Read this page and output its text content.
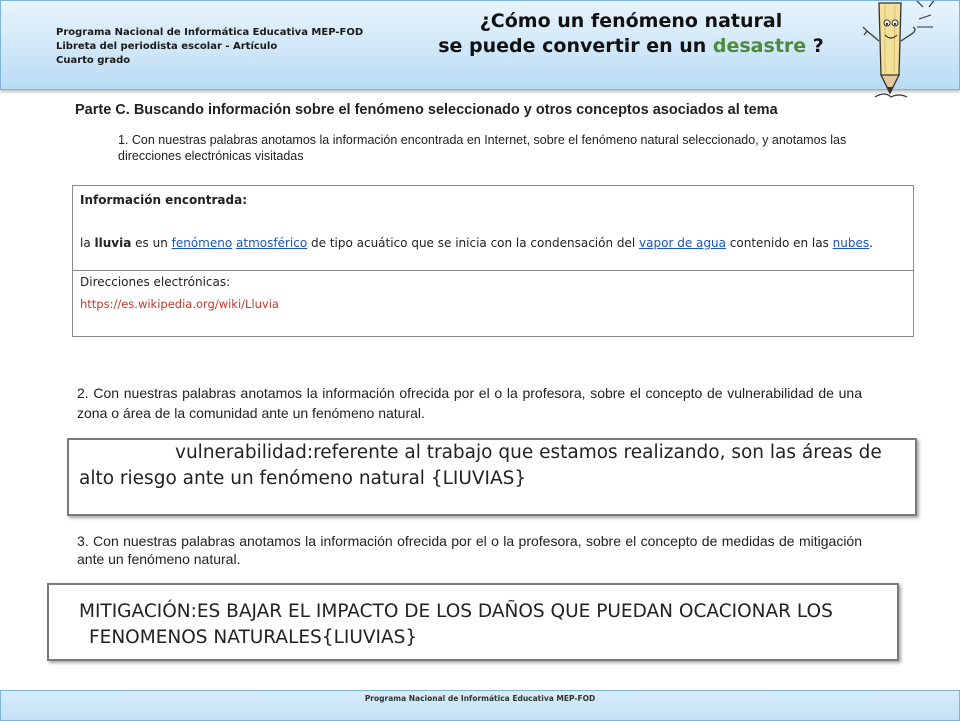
Programa Nacional de Informática Educativa MEP-FOD
Libreta del periodista escolar - Artículo
Cuarto grado
¿Cómo un fenómeno natural
se puede convertir en un desastre ?
Parte C. Buscando información sobre el fenómeno seleccionado y otros conceptos asociados al tema
1. Con nuestras palabras anotamos la información encontrada en Internet, sobre el fenómeno natural seleccionado, y anotamos las direcciones electrónicas visitadas
Información encontrada:
la lluvia es un fenómeno atmosférico de tipo acuático que se inicia con la condensación del vapor de agua contenido en las nubes.
Direcciones electrónicas:
https://es.wikipedia.org/wiki/Lluvia
2. Con nuestras palabras anotamos la información ofrecida por el o la profesora, sobre el concepto de vulnerabilidad de una zona o área de la comunidad ante un fenómeno natural.
vulnerabilidad:referente al trabajo que estamos realizando, son las áreas de alto riesgo ante un fenómeno natural {LIUVIAS}
3. Con nuestras palabras anotamos la información ofrecida por el o la profesora, sobre el concepto de medidas de mitigación ante un fenómeno natural.
MITIGACIÓN:ES BAJAR EL IMPACTO DE LOS DAÑOS QUE PUEDAN OCACIONAR LOS
FENOMENOS NATURALES{LIUVIAS}
Programa Nacional de Informática Educativa MEP-FOD
